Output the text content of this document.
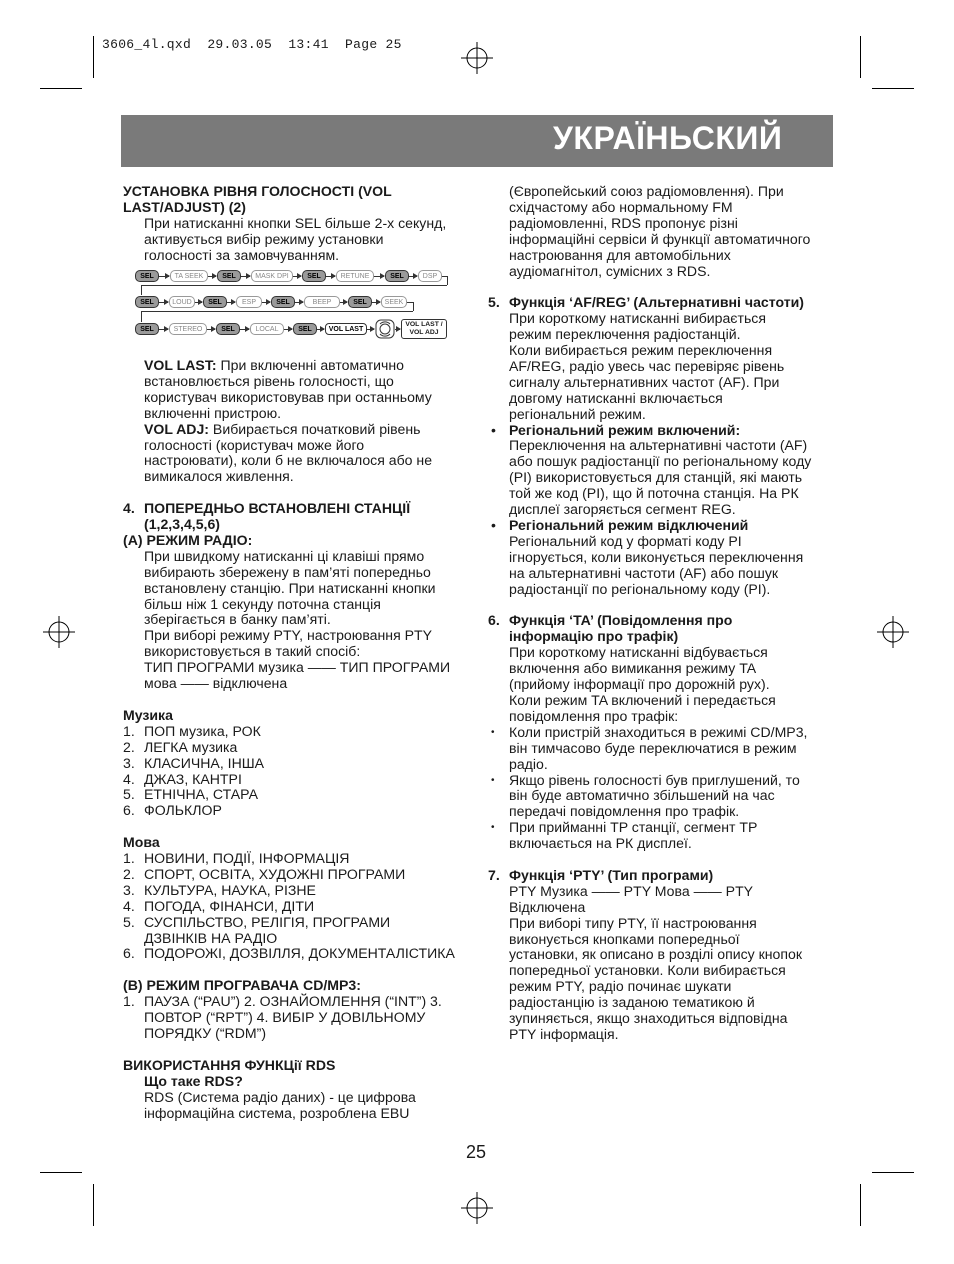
3606_4l.qxd  29.03.05  13:41  Page 25
УКРАЇНЬСКИЙ

УСТАНОВКА РІВНЯ ГОЛОСНОСТІ (VOL

LAST/ADJUST) (2)

При натисканні кнопки SEL більше 2-х секунд,

активується вибір режиму установки

голосності за замовчуванням.

SEL	TA SEEK	SEL	MASK DPI	SEL	RETUNE	SEL	DSP
SEL	LOUD	SEL	ESP	SEL	BEEP	SEL	SEEK
SEL	STEREO	SEL	LOCAL	SEL	VOL LAST
VOL LAST / VOL ADJ

VOL LAST: При включенні автоматично

встановлюється рівень голосності, що

користувач використовував при останньому

включенні пристрою.

VOL ADJ: Вибирається початковий рівень

голосності (користувач може його

настроювати), коли б не включалося або не

вимикалося живлення.

4. ПОПЕРЕДНЬО ВСТАНОВЛЕНІ СТАНЦІЇ

(1,2,3,4,5,6)

(A) РЕЖИМ РАДІО:

При швидкому натисканні ці клавіші прямо

вибирають збережену в пам’яті попередньо

встановлену станцію. При натисканні кнопки

більш ніж 1 секунду поточна станція

зберігається в банку пам’яті.

При виборі режиму PTY, настроювання PTY

використовується в такий спосіб:

ТИП ПРОГРАМИ музика —— ТИП ПРОГРАМИ

мова —— відключена

Музика

1. ПОП музика, РОК
2. ЛЕГКА музика
3. КЛАСИЧНА, ІНША
4. ДЖАЗ, КАНТРІ
5. ЕТНІЧНА, СТАРА
6. ФОЛЬКЛОР

Мова

1. НОВИНИ, ПОДІЇ, ІНФОРМАЦІЯ
2. СПОРТ, ОСВІТА, ХУДОЖНІ ПРОГРАМИ
3. КУЛЬТУРА, НАУКА, РІЗНЕ
4. ПОГОДА, ФІНАНСИ, ДІТИ
5. СУСПІЛЬСТВО, РЕЛІГІЯ, ПРОГРАМИ

ДЗВІНКІВ НА РАДІО

6. ПОДОРОЖІ, ДОЗВІЛЛЯ, ДОКУМЕНТАЛІСТИКА

(B) РЕЖИМ ПРОГРАВАЧА CD/MP3:

1. ПАУЗА (“PAU”) 2. ОЗНАЙОМЛЕННЯ (“INT”) 3.

ПОВТОР (“RPT”) 4. ВИБІР У ДОВІЛЬНОМУ

ПОРЯДКУ (“RDM”)

ВИКОРИСТАННЯ ФУНКЦії RDS

Що таке RDS?

RDS (Система радіо даних) - це цифрова

інформаційна система, розроблена EBU

(Європейський союз радіомовлення). При

східчастому або нормальному FM

радіомовленні, RDS пропонує різні

інформаційні сервіси й функції автоматичного

настроювання для автомобільних

аудіомагнітол, сумісних з RDS.

5. Функція ‘AF/REG’ (Альтернативні частоти)

При короткому натисканні вибирається

режим переключення радіостанцій.

Коли вибирається режим переключення

AF/REG, радіо увесь час перевіряє рівень

сигналу альтернативних частот (AF). При

довгому натисканні включається

регіональний режим.

• Регіональний режим включений:

Переключення на альтернативні частоти (AF)

або пошук радіостанції по регіональному коду

(PI) використовується для станцій, які мають

той же код (PI), що й поточна станція. На РК

дисплеї загоряється сегмент REG.

• Регіональний режим відключений

Регіональний код у форматі коду PI

ігнорується, коли виконується переключення

на альтернативні частоти (AF) або пошук

радіостанції по регіональному коду (PI).

6. Функція ‘TA’ (Повідомлення про

інформацію про трафік)

При короткому натисканні відбувається

включення або вимикання режиму TA

(прийому інформації про дорожній рух).

Коли режим TA включений і передається

повідомлення про трафік:

•	Коли пристрій знаходиться в режимі CD/MP3,

він тимчасово буде переключатися в режим

радіо.

•	Якщо рівень голосності був приглушений, то

він буде автоматично збільшений на час

передачі повідомлення про трафік.

•	При прийманні TP станції, сегмент TP

включається на РК дисплеї.

7. Функція ‘PTY’ (Тип програми)

PTY Музика —— PTY Мова —— PTY

Відключена

При виборі типу PTY, її настроювання

виконується кнопками попередньої

установки, як описано в розділі опису кнопок

попередньої установки. Коли вибирається

режим PTY, радіо починає шукати

радіостанцію із заданою тематикою й

зупиняється, якщо знаходиться відповідна

PTY інформація.

25
